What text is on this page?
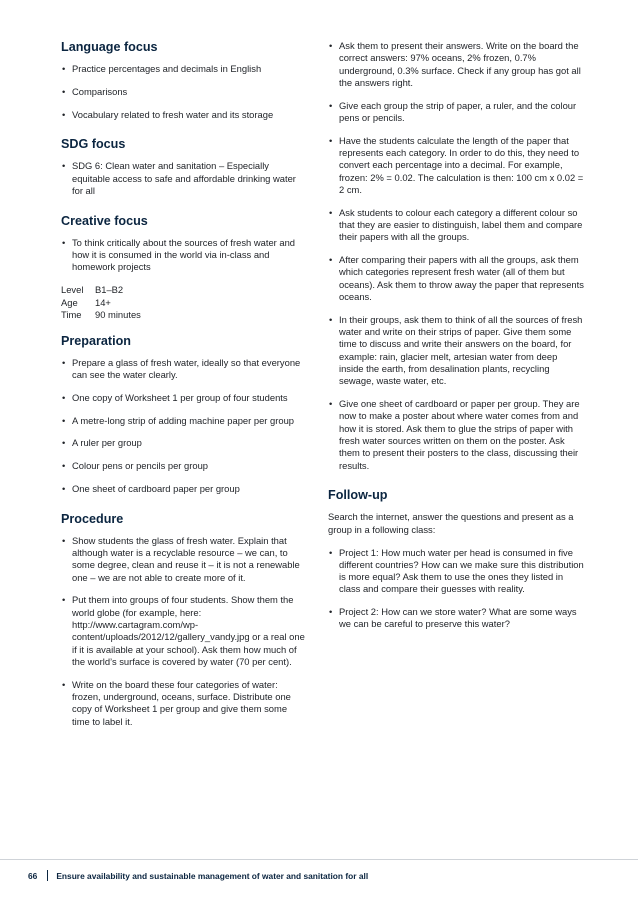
Language focus
• Practice percentages and decimals in English
• Comparisons
• Vocabulary related to fresh water and its storage
SDG focus
• SDG 6: Clean water and sanitation – Especially equitable access to safe and affordable drinking water for all
Creative focus
• To think critically about the sources of fresh water and how it is consumed in the world via in-class and homework projects
Level	B1–B2
Age	14+
Time	90 minutes
Preparation
• Prepare a glass of fresh water, ideally so that everyone can see the water clearly.
• One copy of Worksheet 1 per group of four students
• A metre-long strip of adding machine paper per group
• A ruler per group
• Colour pens or pencils per group
• One sheet of cardboard paper per group
Procedure
• Show students the glass of fresh water. Explain that although water is a recyclable resource – we can, to some degree, clean and reuse it – it is not a renewable one – we are not able to create more of it.
• Put them into groups of four students. Show them the world globe (for example, here: http://www.cartagram.com/wp-content/uploads/2012/12/gallery_vandy.jpg or a real one if it is available at your school). Ask them how much of the world’s surface is covered by water (70 per cent).
• Write on the board these four categories of water: frozen, underground, oceans, surface. Distribute one copy of Worksheet 1 per group and give them some time to label it.
• Ask them to present their answers. Write on the board the correct answers: 97% oceans, 2% frozen, 0.7% underground, 0.3% surface. Check if any group has got all the answers right.
• Give each group the strip of paper, a ruler, and the colour pens or pencils.
• Have the students calculate the length of the paper that represents each category. In order to do this, they need to convert each percentage into a decimal. For example, frozen: 2% = 0.02. The calculation is then: 100 cm x 0.02 = 2 cm.
• Ask students to colour each category a different colour so that they are easier to distinguish, label them and compare their papers with all the groups.
• After comparing their papers with all the groups, ask them which categories represent fresh water (all of them but oceans). Ask them to throw away the paper that represents oceans.
• In their groups, ask them to think of all the sources of fresh water and write on their strips of paper. Give them some time to discuss and write their answers on the board, for example: rain, glacier melt, artesian water from deep inside the earth, from desalination plants, recycling sewage, waste water, etc.
• Give one sheet of cardboard or paper per group. They are now to make a poster about where water comes from and how it is stored. Ask them to glue the strips of paper with fresh water sources written on them on the poster. Ask them to present their posters to the class, discussing their results.
Follow-up
Search the internet, answer the questions and present as a group in a following class:
• Project 1: How much water per head is consumed in five different countries? How can we make sure this distribution is more equal? Ask them to use the ones they listed in class and compare their guesses with reality.
• Project 2: How can we store water? What are some ways we can be careful to preserve this water?
66 Ensure availability and sustainable management of water and sanitation for all
